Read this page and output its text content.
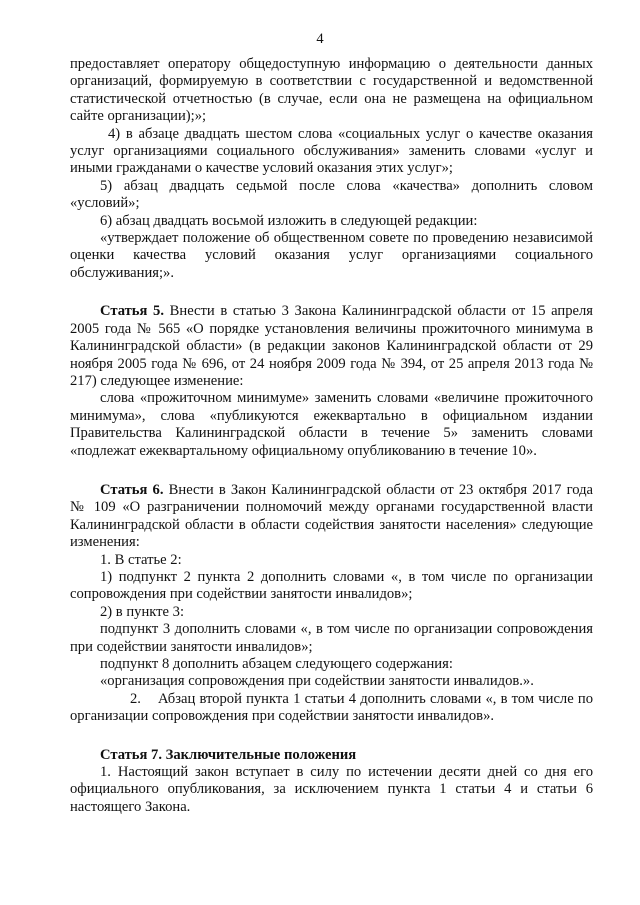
4

предоставляет оператору общедоступную информацию о деятельности данных организаций, формируемую в соответствии с государственной и ведомственной статистической отчетностью (в случае, если она не размещена на официальном сайте организации);»;

4) в абзаце двадцать шестом слова «социальных услуг о качестве оказания услуг организациями социального обслуживания» заменить словами «услуг и иными гражданами о качестве условий оказания этих услуг»;

5) абзац двадцать седьмой после слова «качества» дополнить словом «условий»;

6) абзац двадцать восьмой изложить в следующей редакции:

«утверждает положение об общественном совете по проведению независимой оценки качества условий оказания услуг организациями социального обслуживания;».

Статья 5. Внести в статью 3 Закона Калининградской области от 15 апреля 2005 года № 565 «О порядке установления величины прожиточного минимума в Калининградской области» (в редакции законов Калининградской области от 29 ноября 2005 года № 696, от 24 ноября 2009 года № 394, от 25 апреля 2013 года № 217) следующее изменение:

слова «прожиточном минимуме» заменить словами «величине прожиточного минимума», слова «публикуются ежеквартально в официальном издании Правительства Калининградской области в течение 5» заменить словами «подлежат ежеквартальному официальному опубликованию в течение 10».

Статья 6. Внести в Закон Калининградской области от 23 октября 2017 года № 109 «О разграничении полномочий между органами государственной власти Калининградской области в области содействия занятости населения» следующие изменения:

1. В статье 2:

1) подпункт 2 пункта 2 дополнить словами «, в том числе по организации сопровождения при содействии занятости инвалидов»;

2) в пункте 3:

подпункт 3 дополнить словами «, в том числе по организации сопровождения при содействии занятости инвалидов»;

подпункт 8 дополнить абзацем следующего содержания:

«организация сопровождения при содействии занятости инвалидов.».

2. Абзац второй пункта 1 статьи 4 дополнить словами «, в том числе по организации сопровождения при содействии занятости инвалидов».

Статья 7. Заключительные положения

1. Настоящий закон вступает в силу по истечении десяти дней со дня его официального опубликования, за исключением пункта 1 статьи 4 и статьи 6 настоящего Закона.
